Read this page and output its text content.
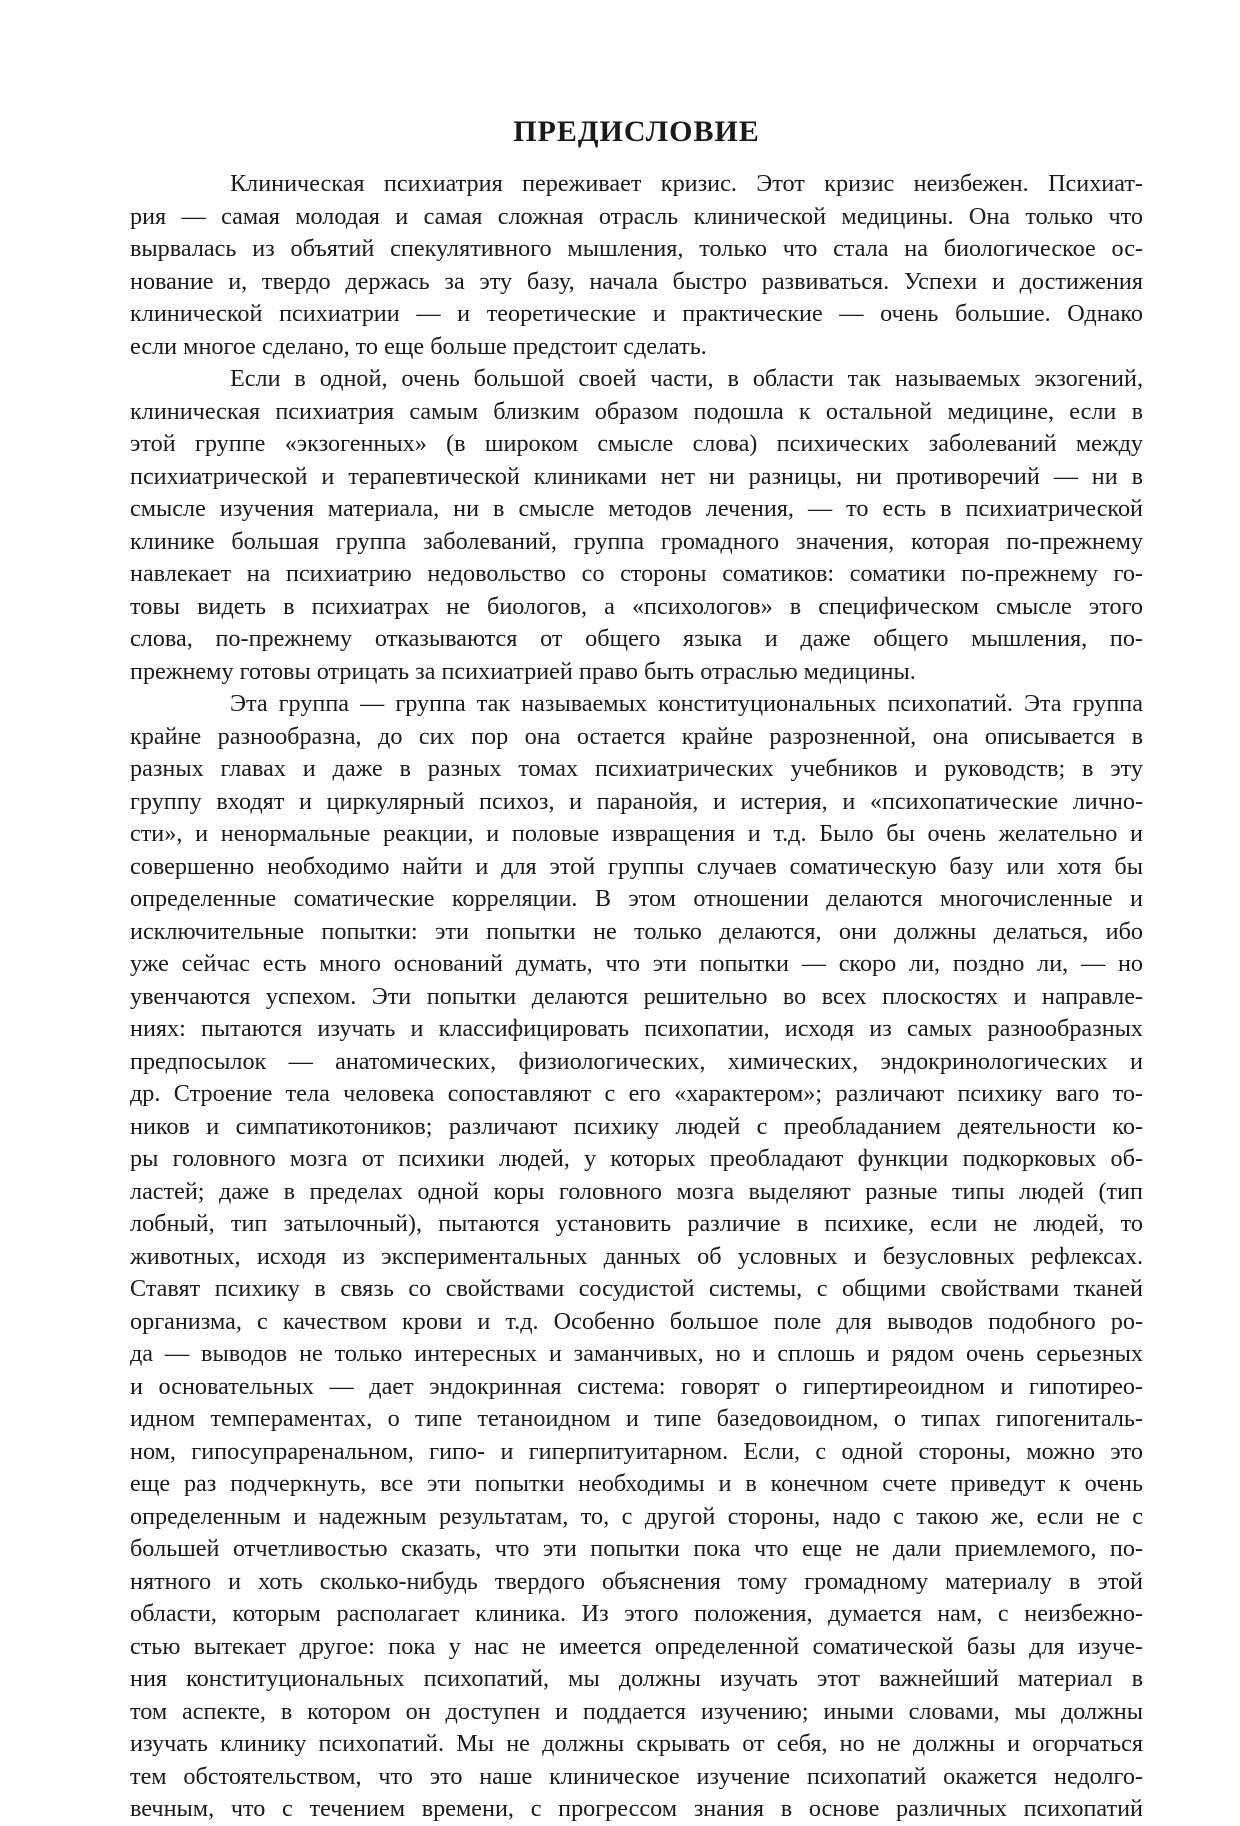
ПРЕДИСЛОВИЕ

Клиническая психиатрия переживает кризис. Этот кризис неизбежен. Психиат-
рия — самая молодая и самая сложная отрасль клинической медицины. Она только что
вырвалась из объятий спекулятивного мышления, только что стала на биологическое ос-
нование и, твердо держась за эту базу, начала быстро развиваться. Успехи и достижения
клинической психиатрии — и теоретические и практические — очень большие. Однако
если многое сделано, то еще больше предстоит сделать.

Если в одной, очень большой своей части, в области так называемых экзогений,
клиническая психиатрия самым близким образом подошла к остальной медицине, если в
этой группе «экзогенных» (в широком смысле слова) психических заболеваний между
психиатрической и терапевтической клиниками нет ни разницы, ни противоречий — ни в
смысле изучения материала, ни в смысле методов лечения, — то есть в психиатрической
клинике большая группа заболеваний, группа громадного значения, которая по-прежнему
навлекает на психиатрию недовольство со стороны соматиков: соматики по-прежнему го-
товы видеть в психиатрах не биологов, а «психологов» в специфическом смысле этого
слова, по-прежнему отказываются от общего языка и даже общего мышления, по-
прежнему готовы отрицать за психиатрией право быть отраслью медицины.

Эта группа — группа так называемых конституциональных психопатий. Эта группа
крайне разнообразна, до сих пор она остается крайне разрозненной, она описывается в
разных главах и даже в разных томах психиатрических учебников и руководств; в эту
группу входят и циркулярный психоз, и паранойя, и истерия, и «психопатические лично-
сти», и ненормальные реакции, и половые извращения и т.д. Было бы очень желательно и
совершенно необходимо найти и для этой группы случаев соматическую базу или хотя бы
определенные соматические корреляции. В этом отношении делаются многочисленные и
исключительные попытки: эти попытки не только делаются, они должны делаться, ибо
уже сейчас есть много оснований думать, что эти попытки — скоро ли, поздно ли, — но
увенчаются успехом. Эти попытки делаются решительно во всех плоскостях и направле-
ниях: пытаются изучать и классифицировать психопатии, исходя из самых разнообразных
предпосылок — анатомических, физиологических, химических, эндокринологических и
др. Строение тела человека сопоставляют с его «характером»; различают психику ваго то-
ников и симпатикотоников; различают психику людей с преобладанием деятельности ко-
ры головного мозга от психики людей, у которых преобладают функции подкорковых об-
ластей; даже в пределах одной коры головного мозга выделяют разные типы людей (тип
лобный, тип затылочный), пытаются установить различие в психике, если не людей, то
животных, исходя из экспериментальных данных об условных и безусловных рефлексах.
Ставят психику в связь со свойствами сосудистой системы, с общими свойствами тканей
организма, с качеством крови и т.д. Особенно большое поле для выводов подобного ро-
да — выводов не только интересных и заманчивых, но и сплошь и рядом очень серьезных
и основательных — дает эндокринная система: говорят о гипертиреоидном и гипотирео-
идном темпераментах, о типе тетаноидном и типе базедовоидном, о типах гипогениталь-
ном, гипосупраренальном, гипо- и гиперпитуитарном. Если, с одной стороны, можно это
еще раз подчеркнуть, все эти попытки необходимы и в конечном счете приведут к очень
определенным и надежным результатам, то, с другой стороны, надо с такою же, если не с
большей отчетливостью сказать, что эти попытки пока что еще не дали приемлемого, по-
нятного и хоть сколько-нибудь твердого объяснения тому громадному материалу в этой
области, которым располагает клиника. Из этого положения, думается нам, с неизбежно-
стью вытекает другое: пока у нас не имеется определенной соматической базы для изуче-
ния конституциональных психопатий, мы должны изучать этот важнейший материал в
том аспекте, в котором он доступен и поддается изучению; иными словами, мы должны
изучать клинику психопатий. Мы не должны скрывать от себя, но не должны и огорчаться
тем обстоятельством, что это наше клиническое изучение психопатий окажется недолго-
вечным, что с течением времени, с прогрессом знания в основе различных психопатий
